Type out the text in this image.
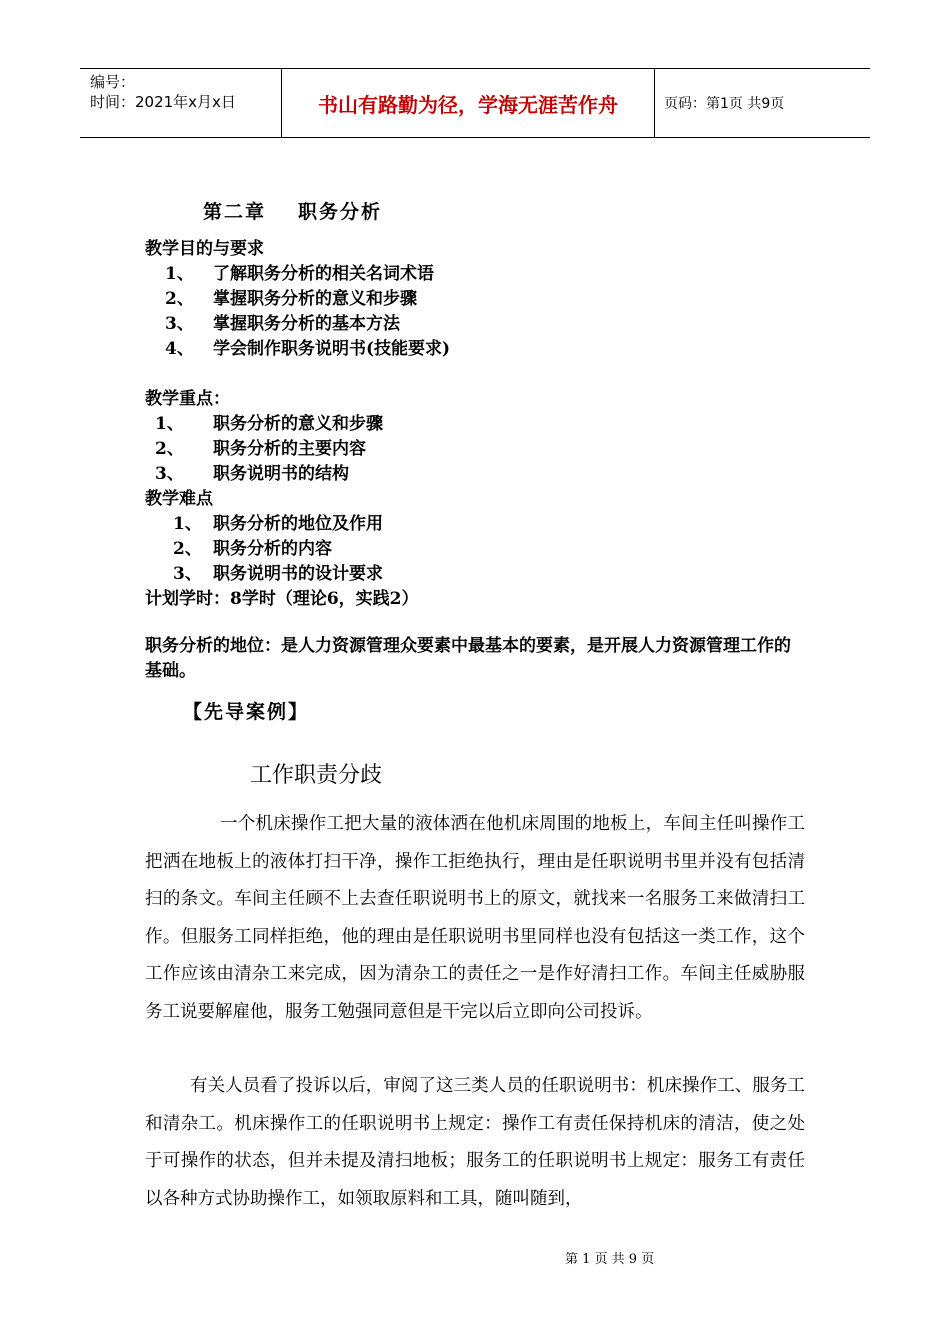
编号：
时间：2021年x月x日	书山有路勤为径，学海无涯苦作舟	页码：第1页 共9页
第二章 职务分析
教学目的与要求
1、 了解职务分析的相关名词术语
2、 掌握职务分析的意义和步骤
3、 掌握职务分析的基本方法
4、 学会制作职务说明书(技能要求)
教学重点：
1、 职务分析的意义和步骤
2、 职务分析的主要内容
3、 职务说明书的结构
教学难点
1、 职务分析的地位及作用
2、 职务分析的内容
3、 职务说明书的设计要求
计划学时：8学时（理论6，实践2）
职务分析的地位：是人力资源管理众要素中最基本的要素，是开展人力资源管理工作的基础。
【先导案例】
工作职责分歧
一个机床操作工把大量的液体洒在他机床周围的地板上，车间主任叫操作工把洒在地板上的液体打扫干净，操作工拒绝执行，理由是任职说明书里并没有包括清扫的条文。车间主任顾不上去查任职说明书上的原文，就找来一名服务工来做清扫工作。但服务工同样拒绝，他的理由是任职说明书里同样也没有包括这一类工作，这个工作应该由清杂工来完成，因为清杂工的责任之一是作好清扫工作。车间主任威胁服务工说要解雇他，服务工勉强同意但是干完以后立即向公司投诉。
有关人员看了投诉以后，审阅了这三类人员的任职说明书：机床操作工、服务工和清杂工。机床操作工的任职说明书上规定：操作工有责任保持机床的清洁，使之处于可操作的状态，但并未提及清扫地板；服务工的任职说明书上规定：服务工有责任以各种方式协助操作工，如领取原料和工具，随叫随到，
第 1 页 共 9 页
